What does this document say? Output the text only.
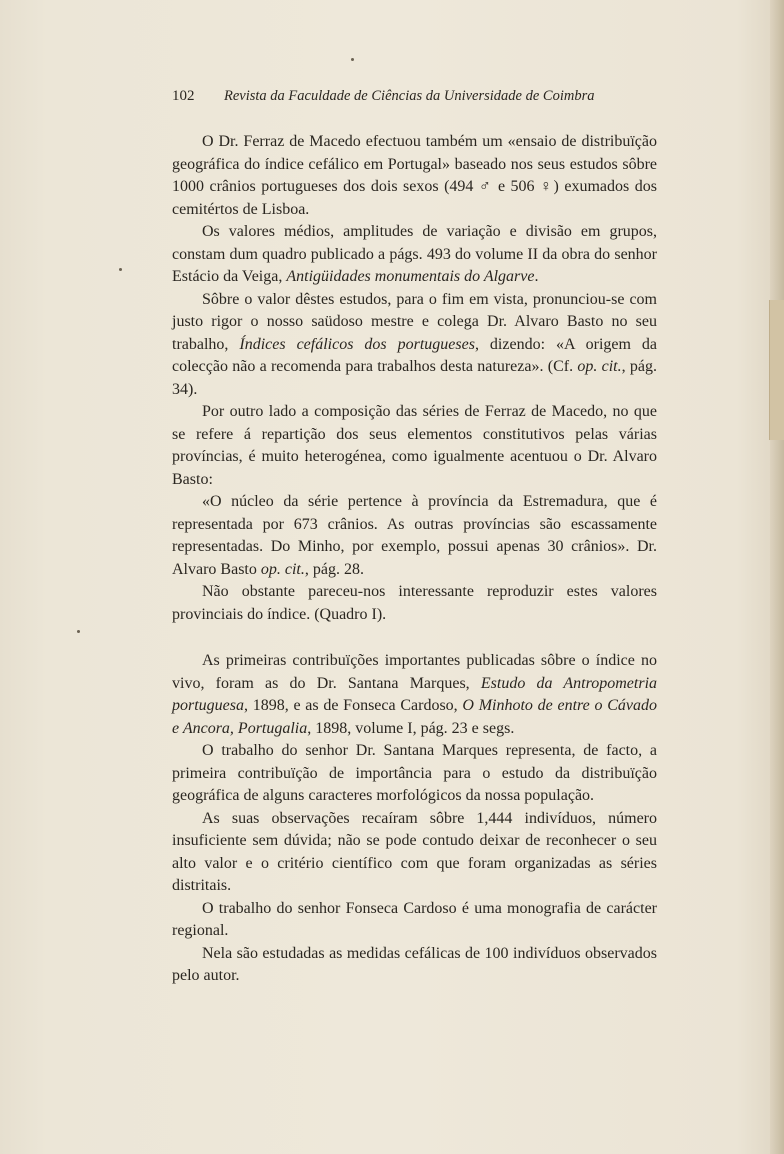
102 Revista da Faculdade de Ciências da Universidade de Coimbra

O Dr. Ferraz de Macedo efectuou também um «ensaio de distribuïção geográfica do índice cefálico em Portugal» baseado nos seus estudos sôbre 1000 crânios portugueses dos dois sexos (494 ♂ e 506 ♀) exumados dos cemitértos de Lisboa.

Os valores médios, amplitudes de variação e divisão em grupos, constam dum quadro publicado a págs. 493 do volume II da obra do senhor Estácio da Veiga, Antigüidades monumentais do Algarve.

Sôbre o valor dêstes estudos, para o fim em vista, pronunciou-se com justo rigor o nosso saüdoso mestre e colega Dr. Alvaro Basto no seu trabalho, Índices cefálicos dos portugueses, dizendo: «A origem da colecção não a recomenda para trabalhos desta natureza». (Cf. op. cit., pág. 34).

Por outro lado a composição das séries de Ferraz de Macedo, no que se refere á repartição dos seus elementos constitutivos pelas várias províncias, é muito heterogénea, como igualmente acentuou o Dr. Alvaro Basto:

«O núcleo da série pertence à província da Estremadura, que é representada por 673 crânios. As outras províncias são escassamente representadas. Do Minho, por exemplo, possui apenas 30 crânios». Dr. Alvaro Basto op. cit., pág. 28.

Não obstante pareceu-nos interessante reproduzir estes valores provinciais do índice. (Quadro I).

As primeiras contribuïções importantes publicadas sôbre o índice no vivo, foram as do Dr. Santana Marques, Estudo da Antropometria portuguesa, 1898, e as de Fonseca Cardoso, O Minhoto de entre o Cávado e Ancora, Portugalia, 1898, volume I, pág. 23 e segs.

O trabalho do senhor Dr. Santana Marques representa, de facto, a primeira contribuïção de importância para o estudo da distribuïção geográfica de alguns caracteres morfológicos da nossa população.

As suas observações recaíram sôbre 1,444 indivíduos, número insuficiente sem dúvida; não se pode contudo deixar de reconhecer o seu alto valor e o critério científico com que foram organizadas as séries distritais.

O trabalho do senhor Fonseca Cardoso é uma monografia de carácter regional.

Nela são estudadas as medidas cefálicas de 100 indivíduos observados pelo autor.
